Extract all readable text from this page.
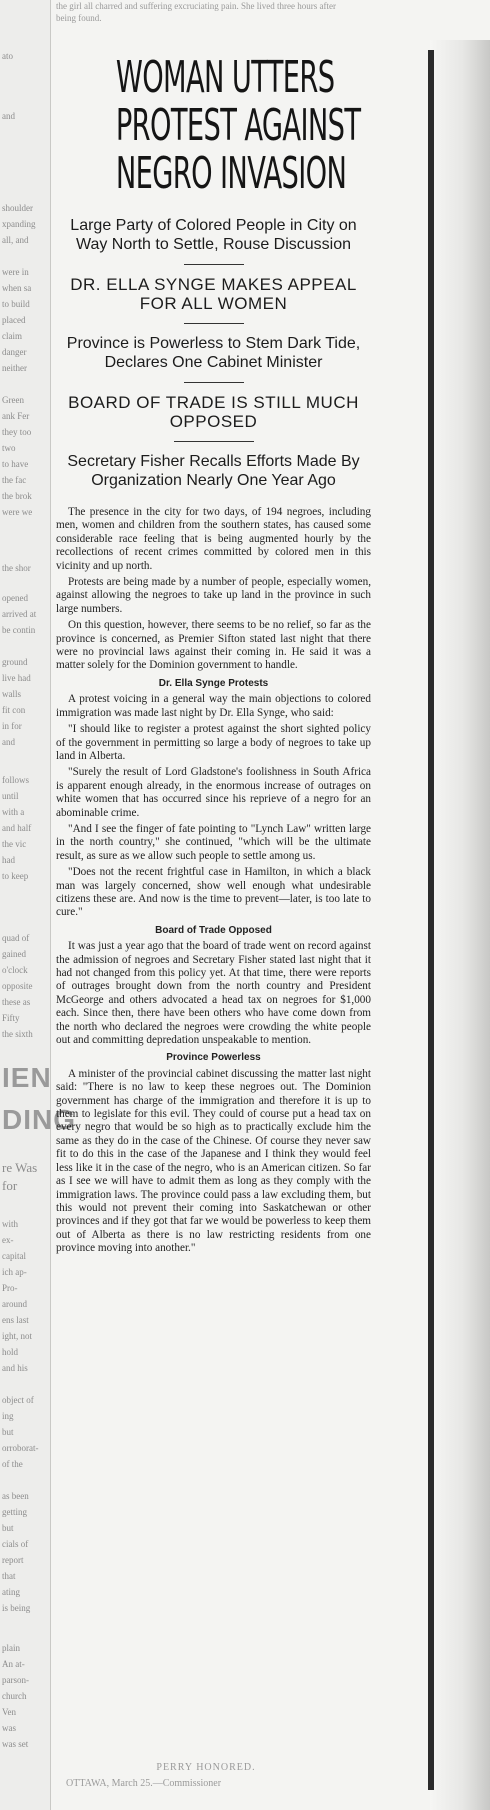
ato
and
shoulder
xpanding
all, and
were in
when sa
to build
placed
claim
danger
neither
Green
ank Fer
they too
two
to have
the fac
the brok
were we
the shor
opened
arrived at
be contin
ground
live had
walls
fit con
in for
and
follows
until
with a
and half
the vic
had
to keep
quad of
gained
o'clock
opposite
these as
Fifty
the sixth
IEN
DING
re Was
for
with
ex-
capital
ich ap-
Pro-
around
ens last
ight, not
hold
and his
object of
ing
but
orroborat-
of the
as been
getting
but
cials of
report
that
ating
is being
plain
An at-
parson-
church
Ven
was
was set
the girl all charred and suffering excruciating pain. She lived three hours after being found.
WOMAN UTTERS
PROTEST AGAINST
NEGRO INVASION
Large Party of Colored People in City on Way North to Settle, Rouse Discussion
DR. ELLA SYNGE MAKES APPEAL FOR ALL WOMEN
Province is Powerless to Stem Dark Tide, Declares One Cabinet Minister
BOARD OF TRADE IS STILL MUCH OPPOSED
Secretary Fisher Recalls Efforts Made By Organization Nearly One Year Ago

The presence in the city for two days, of 194 negroes, including men, women and children from the southern states, has caused some considerable race feeling that is being augmented hourly by the recollections of recent crimes committed by colored men in this vicinity and up north.

Protests are being made by a number of people, especially women, against allowing the negroes to take up land in the province in such large numbers.

On this question, however, there seems to be no relief, so far as the province is concerned, as Premier Sifton stated last night that there were no provincial laws against their coming in. He said it was a matter solely for the Dominion government to handle.

Dr. Ella Synge Protests

A protest voicing in a general way the main objections to colored immigration was made last night by Dr. Ella Synge, who said:

"I should like to register a protest against the short sighted policy of the government in permitting so large a body of negroes to take up land in Alberta.

"Surely the result of Lord Gladstone's foolishness in South Africa is apparent enough already, in the enormous increase of outrages on white women that has occurred since his reprieve of a negro for an abominable crime.

"And I see the finger of fate pointing to "Lynch Law" written large in the north country," she continued, "which will be the ultimate result, as sure as we allow such people to settle among us.

"Does not the recent frightful case in Hamilton, in which a black man was largely concerned, show well enough what undesirable citizens these are. And now is the time to prevent—later, is too late to cure."

Board of Trade Opposed

It was just a year ago that the board of trade went on record against the admission of negroes and Secretary Fisher stated last night that it had not changed from this policy yet. At that time, there were reports of outrages brought down from the north country and President McGeorge and others advocated a head tax on negroes for $1,000 each. Since then, there have been others who have come down from the north who declared the negroes were crowding the white people out and committing depredation unspeakable to mention.

Province Powerless

A minister of the provincial cabinet discussing the matter last night said: "There is no law to keep these negroes out. The Dominion government has charge of the immigration and therefore it is up to them to legislate for this evil. They could of course put a head tax on every negro that would be so high as to practically exclude him the same as they do in the case of the Chinese. Of course they never saw fit to do this in the case of the Japanese and I think they would feel less like it in the case of the negro, who is an American citizen. So far as I see we will have to admit them as long as they comply with the immigration laws. The province could pass a law excluding them, but this would not prevent their coming into Saskatchewan or other provinces and if they got that far we would be powerless to keep them out of Alberta as there is no law restricting residents from one province moving into another."

PERRY HONORED.
OTTAWA, March 25.—Commissioner
